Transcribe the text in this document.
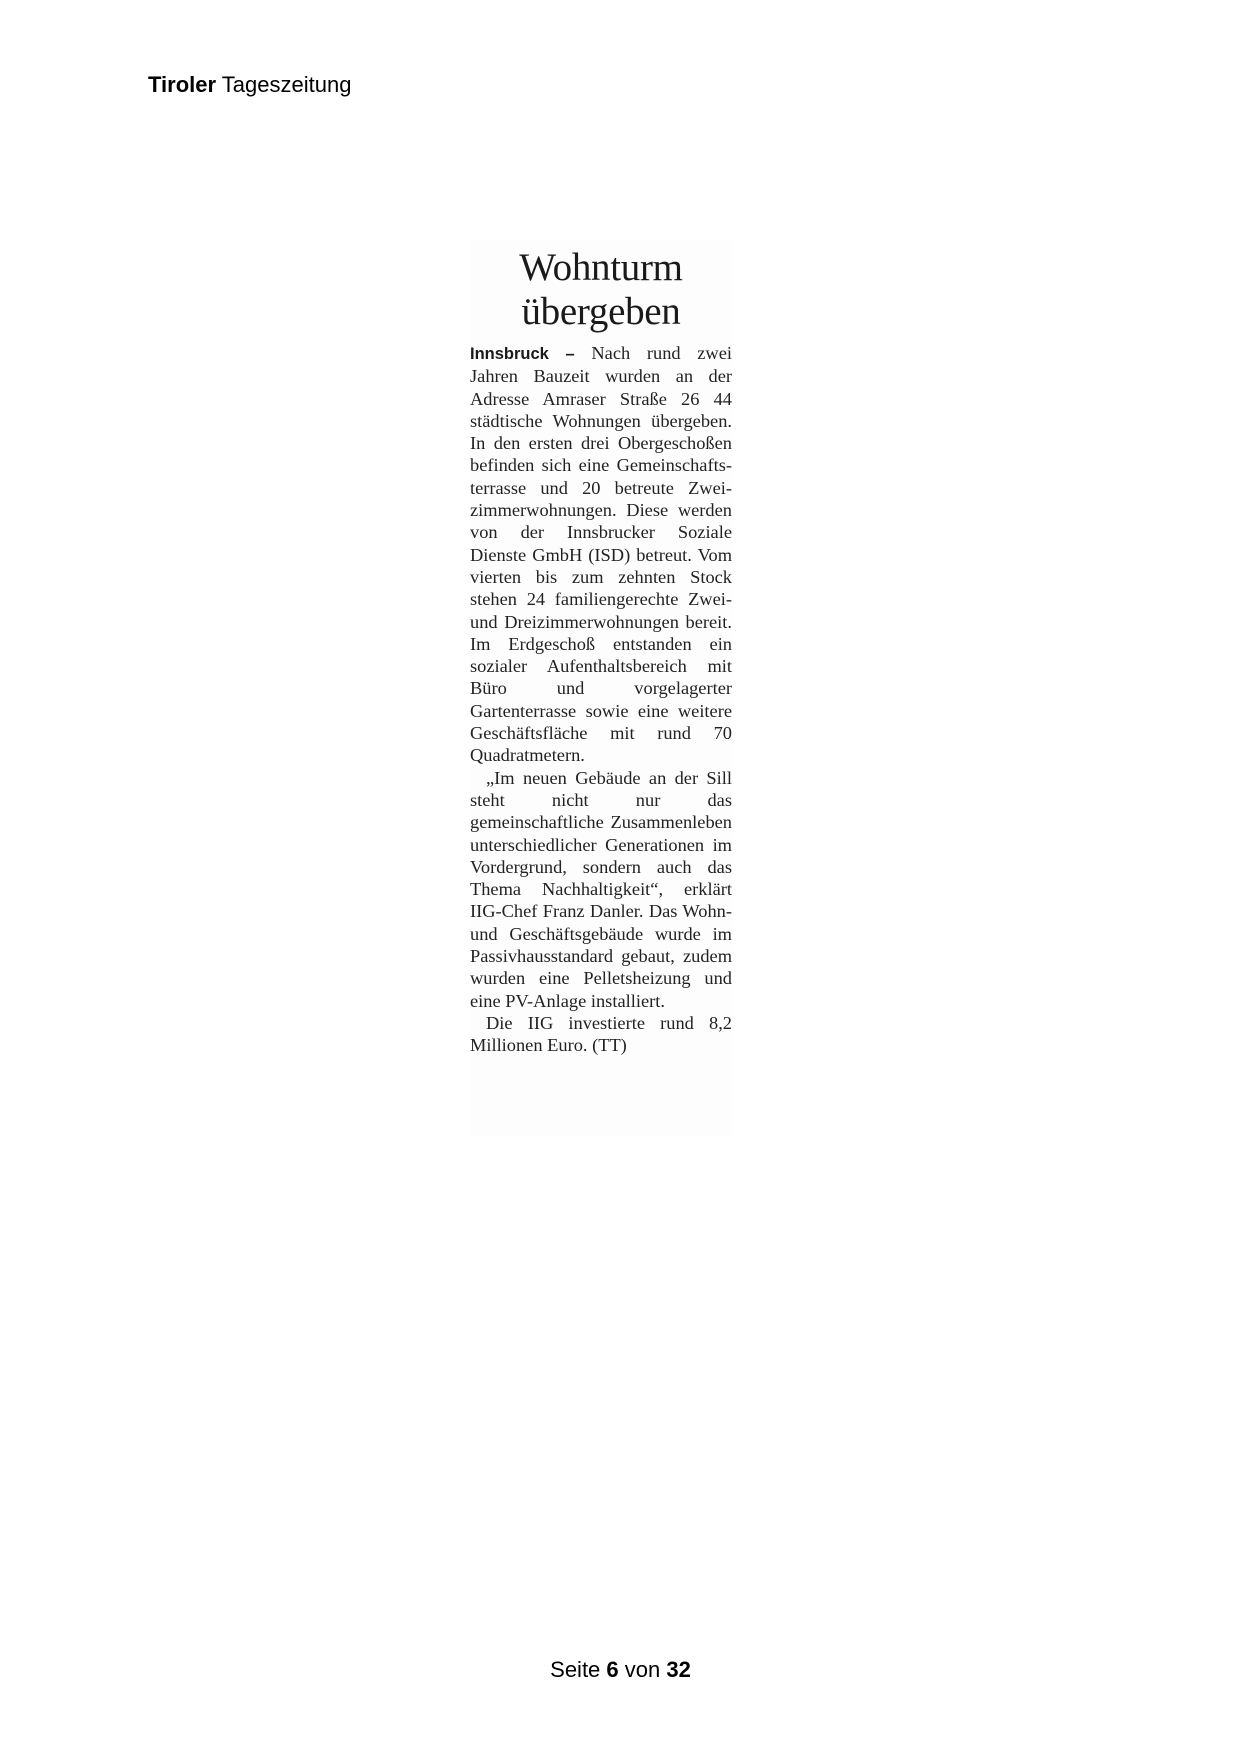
Tiroler Tageszeitung
Wohnturm
übergeben

Innsbruck – Nach rund zwei Jahren Bauzeit wurden an der Adresse Amraser Straße 26 44 städtische Wohnungen übergeben. In den ersten drei Obergeschoßen befinden sich eine Gemeinschaftsterrasse und 20 betreute Zweizimmerwohnungen. Diese werden von der Innsbrucker Soziale Dienste GmbH (ISD) betreut. Vom vierten bis zum zehnten Stock stehen 24 familiengerechte Zwei- und Dreizimmerwohnungen bereit. Im Erdgeschoß entstanden ein sozialer Aufenthaltsbereich mit Büro und vorgelagerter Gartenterrasse sowie eine weitere Geschäftsfläche mit rund 70 Quadratmetern.

„Im neuen Gebäude an der Sill steht nicht nur das gemeinschaftliche Zusammenleben unterschiedlicher Generationen im Vordergrund, sondern auch das Thema Nachhaltigkeit“, erklärt IIG-Chef Franz Danler. Das Wohn- und Geschäftsgebäude wurde im Passivhausstandard gebaut, zudem wurden eine Pelletsheizung und eine PV-Anlage installiert.

Die IIG investierte rund 8,2 Millionen Euro. (TT)

Seite 6 von 32
